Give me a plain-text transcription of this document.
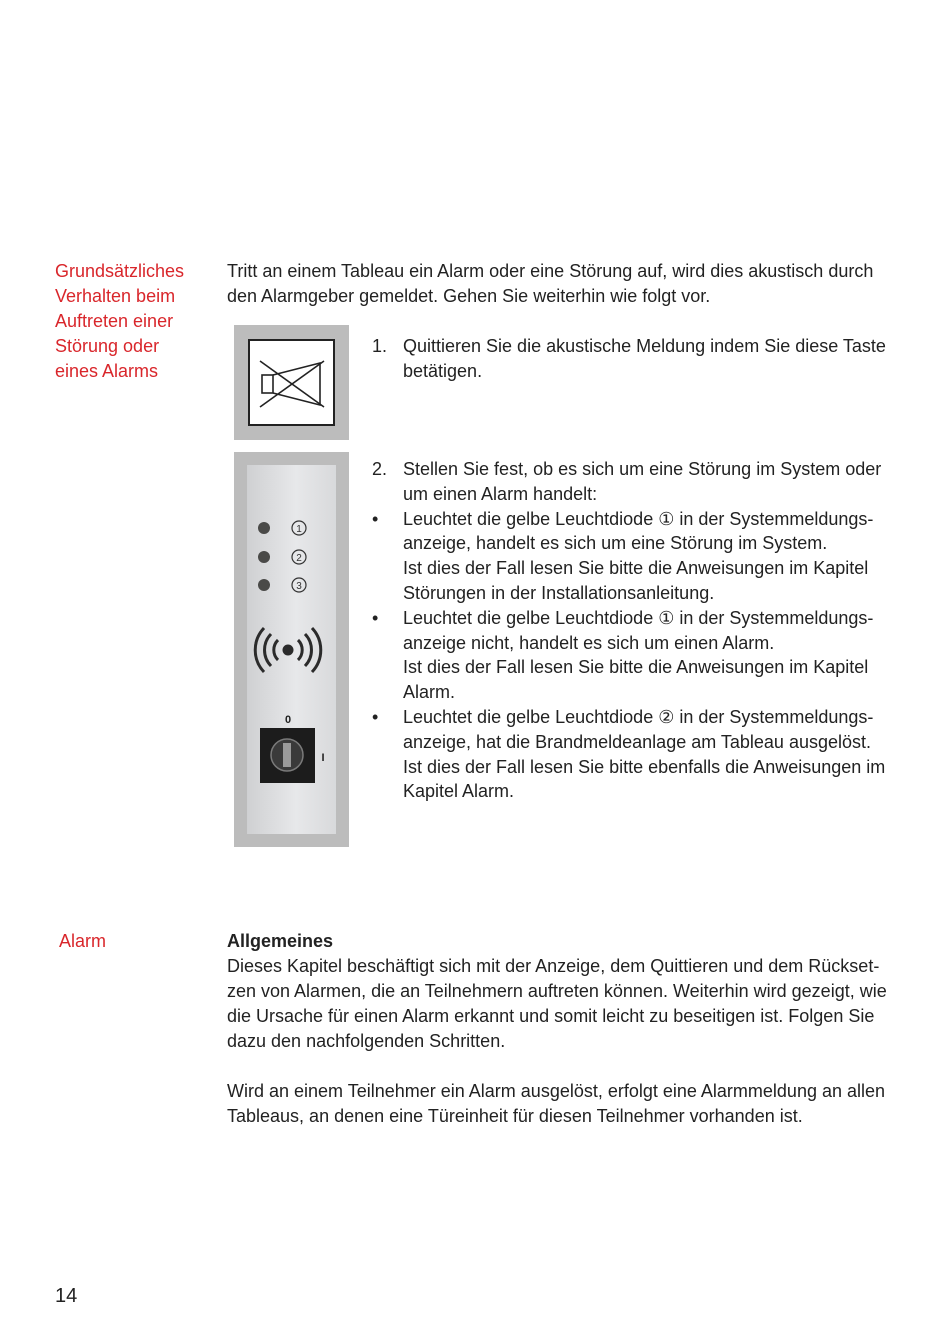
Grundsätzliches
Verhalten beim
Auftreten einer
Störung oder
eines Alarms
Alarm

Tritt an einem Tableau ein Alarm oder eine Störung auf, wird dies akustisch durch den Alarmgeber gemeldet. Gehen Sie weiterhin wie folgt vor.

1. Quittieren Sie die akustische Meldung indem Sie diese Taste betätigen.
1
2
3
0
I
2. Stellen Sie fest, ob es sich um eine Störung im System oder um einen Alarm handelt:
•	Leuchtet die gelbe Leuchtdiode ① in der Systemmeldungs-anzeige, handelt es sich um eine Störung im System.

Ist dies der Fall lesen Sie bitte die Anweisungen im Kapitel Störungen in der Installationsanleitung.

•	Leuchtet die gelbe Leuchtdiode ① in der Systemmeldungs-anzeige nicht, handelt es sich um einen Alarm.

Ist dies der Fall lesen Sie bitte die Anweisungen im Kapitel Alarm.

•	Leuchtet die gelbe Leuchtdiode ② in der Systemmeldungs-anzeige, hat die Brandmeldeanlage am Tableau ausgelöst.

Ist dies der Fall lesen Sie bitte ebenfalls die Anweisungen im Kapitel Alarm.

Allgemeines

Dieses Kapitel beschäftigt sich mit der Anzeige, dem Quittieren und dem Rückset-zen von Alarmen, die an Teilnehmern auftreten können. Weiterhin wird gezeigt, wie die Ursache für einen Alarm erkannt und somit leicht zu beseitigen ist. Folgen Sie dazu den nachfolgenden Schritten.

Wird an einem Teilnehmer ein Alarm ausgelöst, erfolgt eine Alarmmeldung an allen Tableaus, an denen eine Türeinheit für diesen Teilnehmer vorhanden ist.

14
